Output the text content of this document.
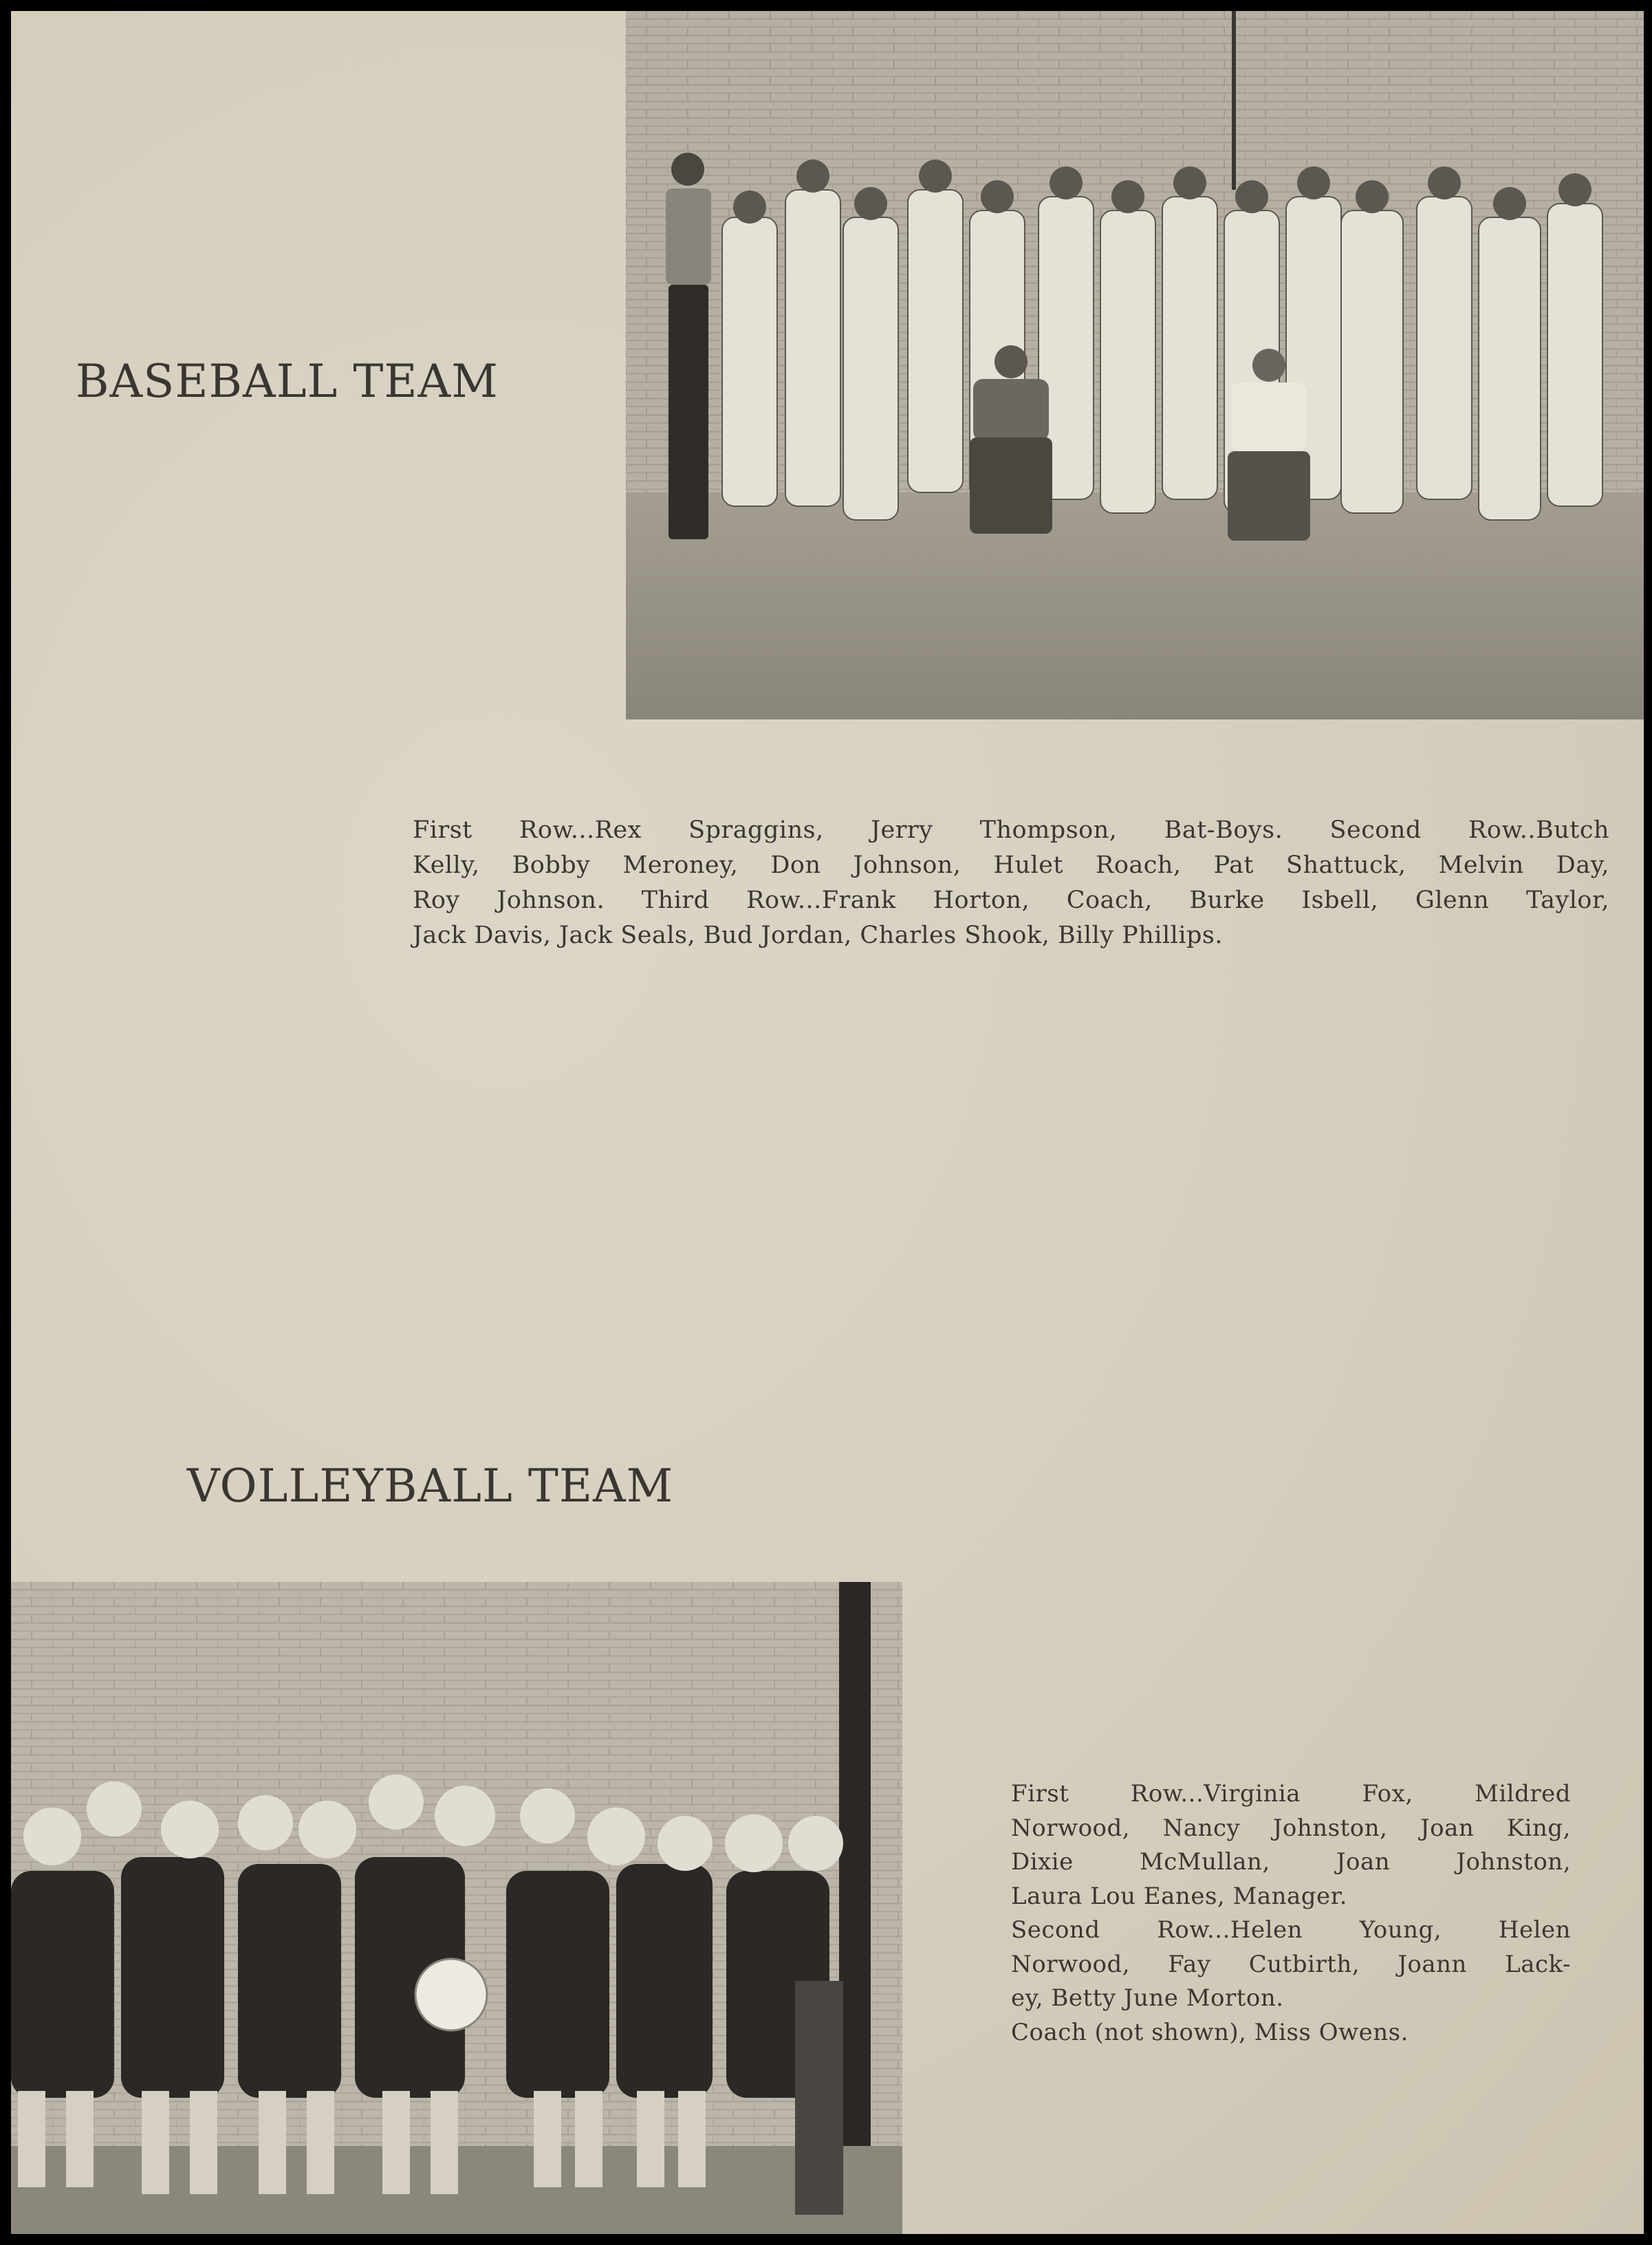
BASEBALL TEAM

First Row...Rex Spraggins, Jerry Thompson, Bat-Boys. Second Row..Butch

Kelly, Bobby Meroney, Don Johnson, Hulet Roach, Pat Shattuck, Melvin Day,

Roy Johnson. Third Row...Frank Horton, Coach, Burke Isbell, Glenn Taylor,

Jack Davis, Jack Seals, Bud Jordan, Charles Shook, Billy Phillips.

VOLLEYBALL TEAM

First Row...Virginia Fox, Mildred

Norwood, Nancy Johnston, Joan King,

Dixie McMullan, Joan Johnston,

Laura Lou Eanes, Manager.

Second Row...Helen Young, Helen

Norwood, Fay Cutbirth, Joann Lack-

ey, Betty June Morton.

Coach (not shown), Miss Owens.
